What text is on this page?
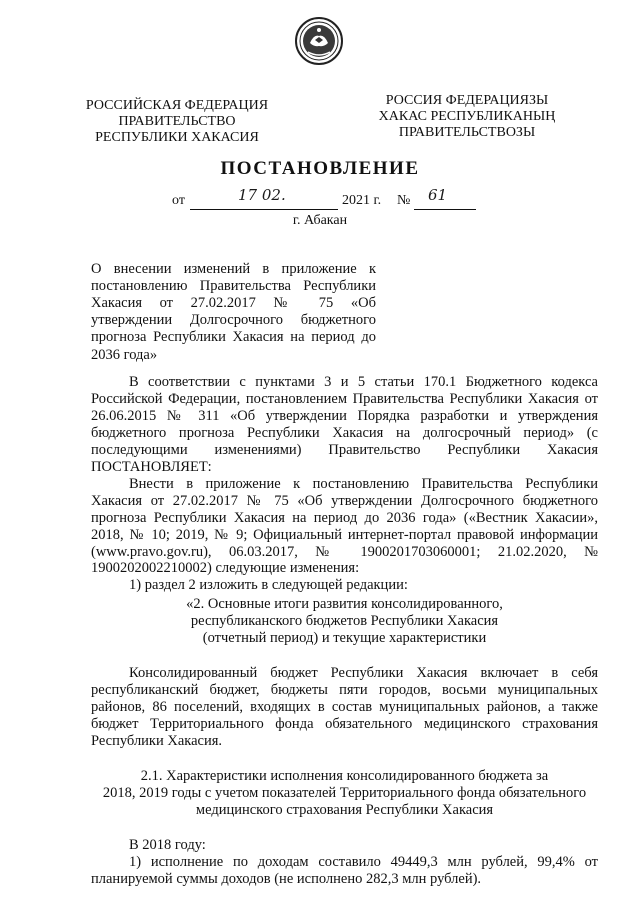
РОССИЙСКАЯ ФЕДЕРАЦИЯ
ПРАВИТЕЛЬСТВО
РЕСПУБЛИКИ ХАКАСИЯ
РОССИЯ ФЕДЕРАЦИЯЗЫ
ХАКАС РЕСПУБЛИКАНЫҢ
ПРАВИТЕЛЬСТВОЗЫ
ПОСТАНОВЛЕНИЕ
от	17 02.	2021 г. № 61
г. Абакан
О внесении изменений в приложение к постановлению Правительства Республики Хакасия от 27.02.2017 № 75 «Об утверждении Долгосрочного бюджетного прогноза Республики Хакасия на период до 2036 года»

В соответствии с пунктами 3 и 5 статьи 170.1 Бюджетного кодекса Российской Федерации, постановлением Правительства Республики Хакасия от 26.06.2015 № 311 «Об утверждении Порядка разработки и утверждения бюджетного прогноза Республики Хакасия на долгосрочный период» (с последующими изменениями) Правительство Республики Хакасия ПОСТАНОВЛЯЕТ:

Внести в приложение к постановлению Правительства Республики Хакасия от 27.02.2017 № 75 «Об утверждении Долгосрочного бюджетного прогноза Республики Хакасия на период до 2036 года» («Вестник Хакасии», 2018, № 10; 2019, № 9; Официальный интернет-портал правовой информации (www.pravo.gov.ru), 06.03.2017, № 1900201703060001; 21.02.2020, № 1900202002210002) следующие изменения:

1) раздел 2 изложить в следующей редакции:

«2. Основные итоги развития консолидированного,
республиканского бюджетов Республики Хакасия
(отчетный период) и текущие характеристики

Консолидированный бюджет Республики Хакасия включает в себя республиканский бюджет, бюджеты пяти городов, восьми муниципальных районов, 86 поселений, входящих в состав муниципальных районов, а также бюджет Территориального фонда обязательного медицинского страхования Республики Хакасия.

2.1. Характеристики исполнения консолидированного бюджета за
2018, 2019 годы с учетом показателей Территориального фонда обязательного
медицинского страхования Республики Хакасия

В 2018 году:

1) исполнение по доходам составило 49449,3 млн рублей, 99,4% от планируемой суммы доходов (не исполнено 282,3 млн рублей).
